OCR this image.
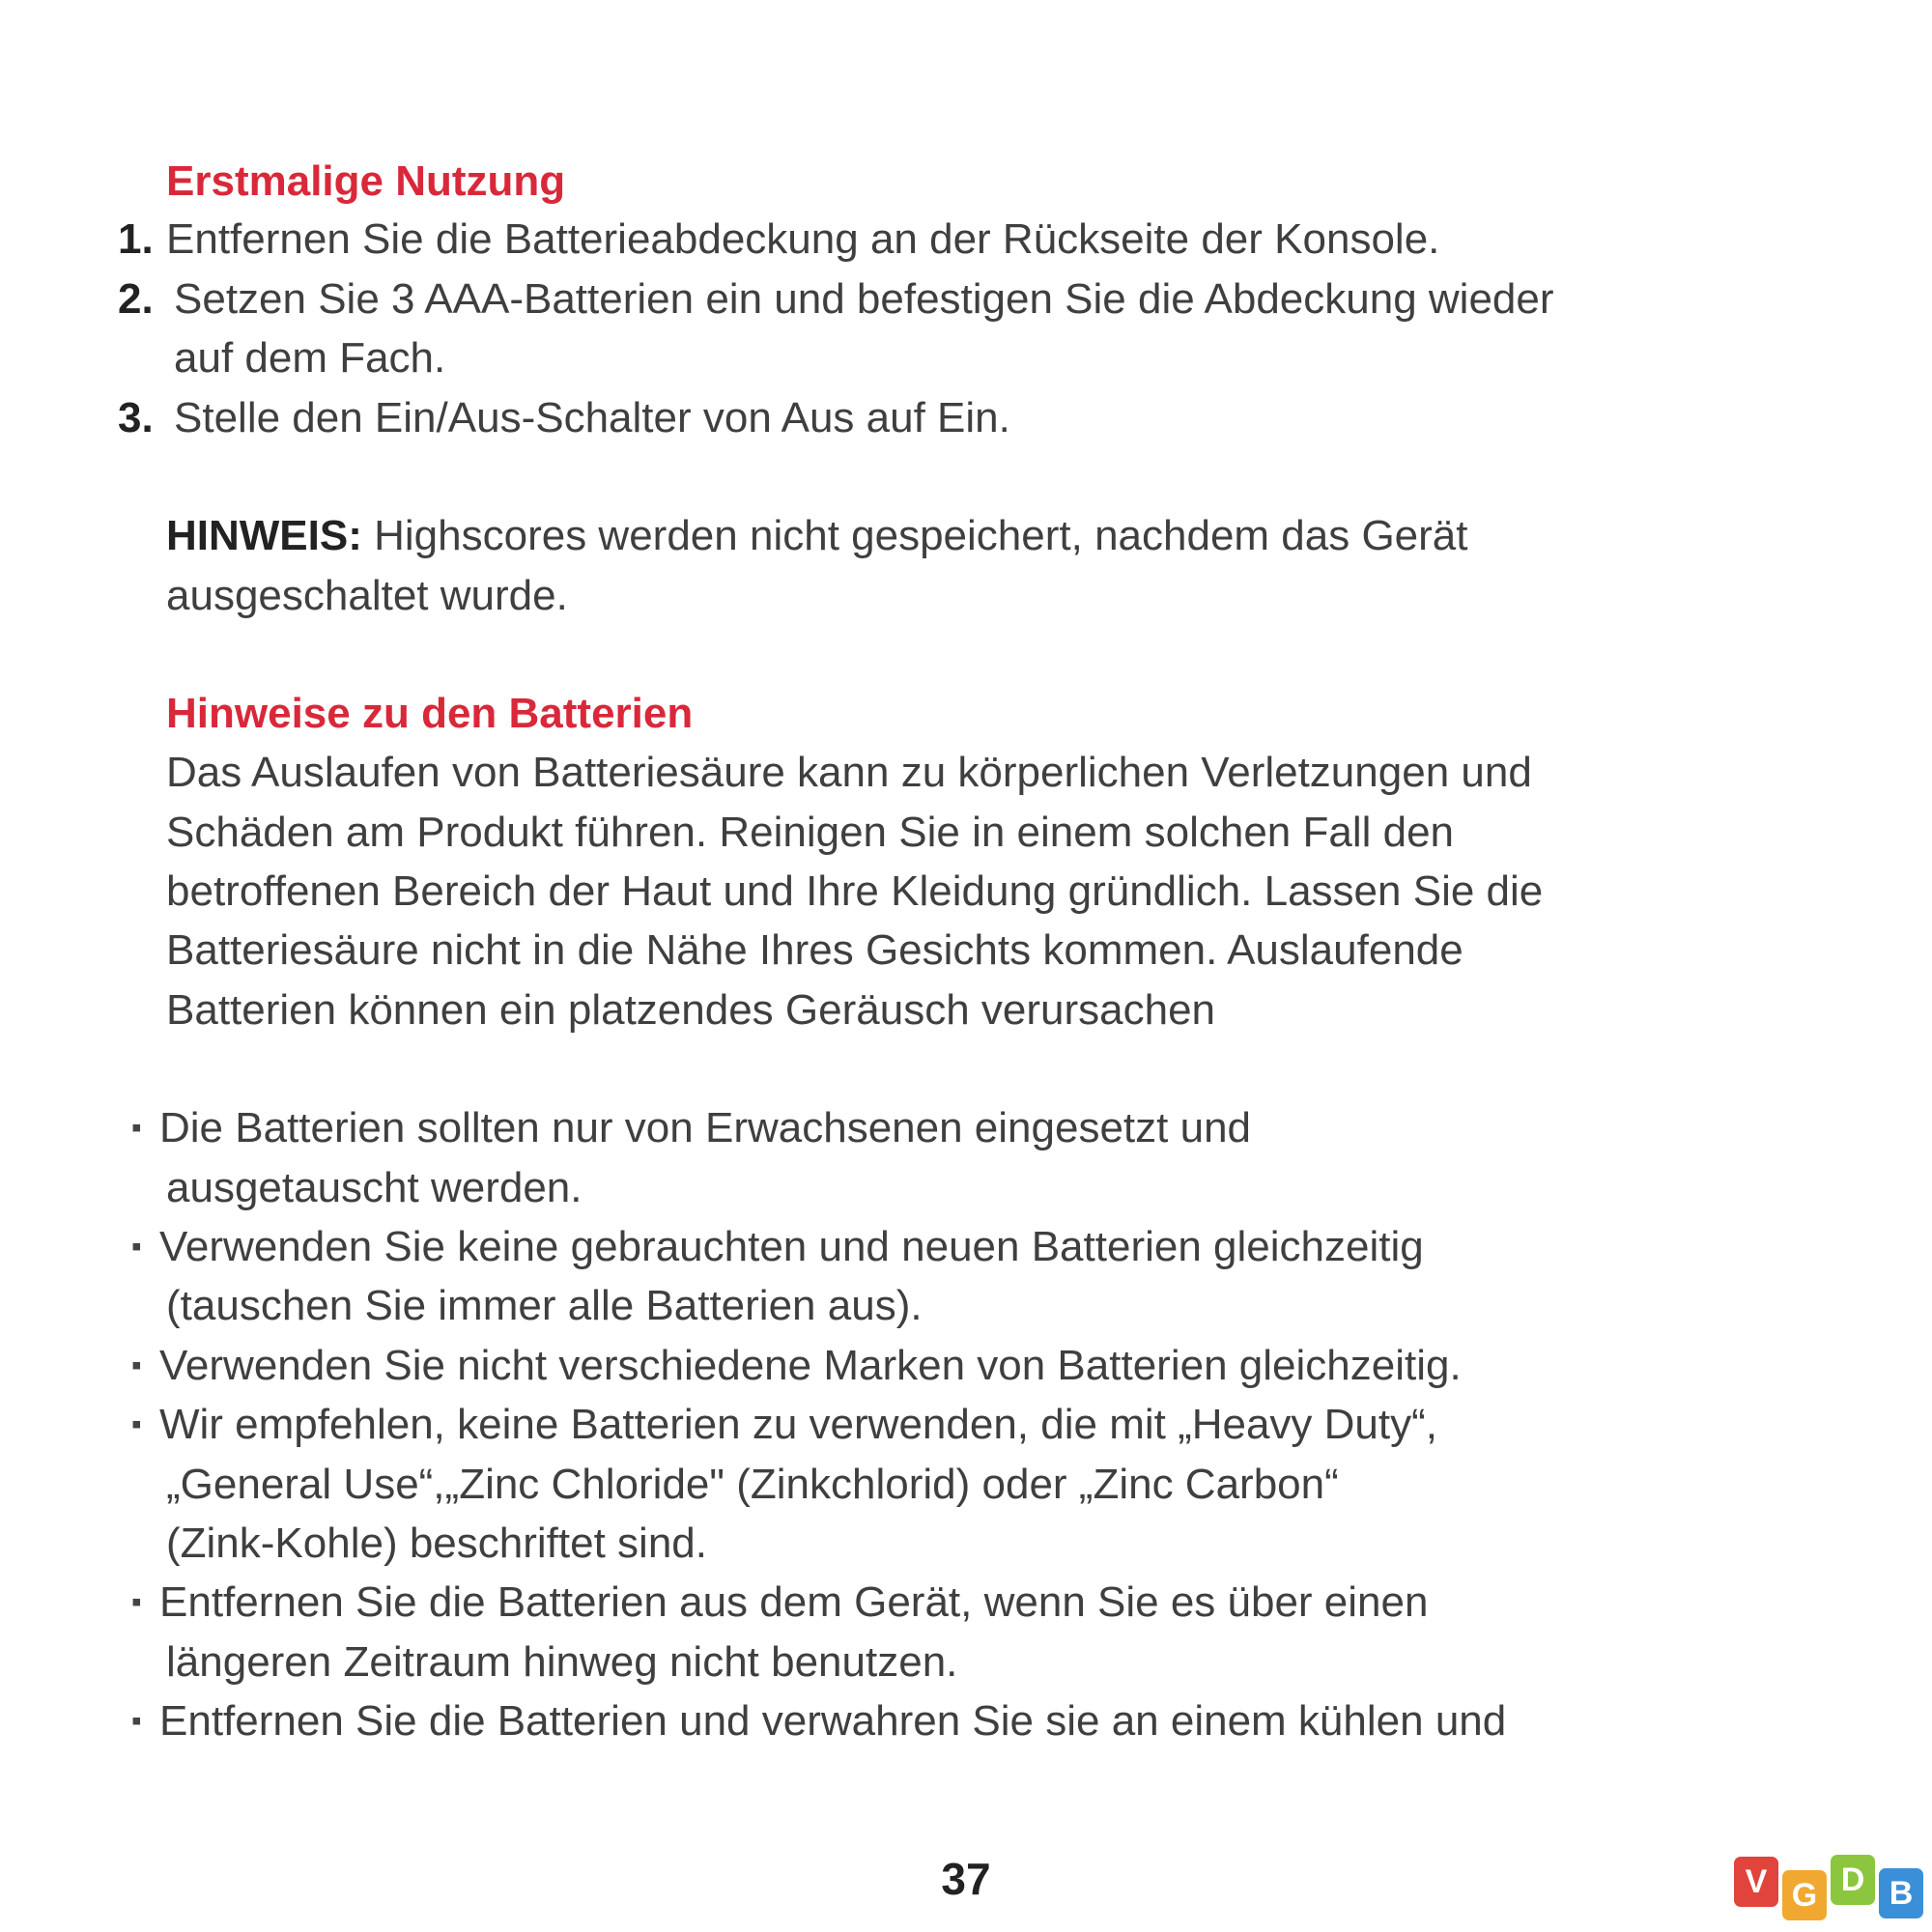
Erstmalige Nutzung

1. Entfernen Sie die Batterieabdeckung an der Rückseite der Konsole.

2. Setzen Sie 3 AAA-Batterien ein und befestigen Sie die Abdeckung wieder

auf dem Fach.

3. Stelle den Ein/Aus-Schalter von Aus auf Ein.

HINWEIS: Highscores werden nicht gespeichert, nachdem das Gerät

ausgeschaltet wurde.

Hinweise zu den Batterien

Das Auslaufen von Batteriesäure kann zu körperlichen Verletzungen und

Schäden am Produkt führen. Reinigen Sie in einem solchen Fall den

betroffenen Bereich der Haut und Ihre Kleidung gründlich. Lassen Sie die

Batteriesäure nicht in die Nähe Ihres Gesichts kommen. Auslaufende

Batterien können ein platzendes Geräusch verursachen

▪ Die Batterien sollten nur von Erwachsenen eingesetzt und

ausgetauscht werden.

▪ Verwenden Sie keine gebrauchten und neuen Batterien gleichzeitig

(tauschen Sie immer alle Batterien aus).

▪ Verwenden Sie nicht verschiedene Marken von Batterien gleichzeitig.

▪ Wir empfehlen, keine Batterien zu verwenden, die mit „Heavy Duty“,

„General Use“,„Zinc Chloride" (Zinkchlorid) oder „Zinc Carbon“

(Zink-Kohle) beschriftet sind.

▪ Entfernen Sie die Batterien aus dem Gerät, wenn Sie es über einen

längeren Zeitraum hinweg nicht benutzen.

▪ Entfernen Sie die Batterien und verwahren Sie sie an einem kühlen und

37	V G D B
